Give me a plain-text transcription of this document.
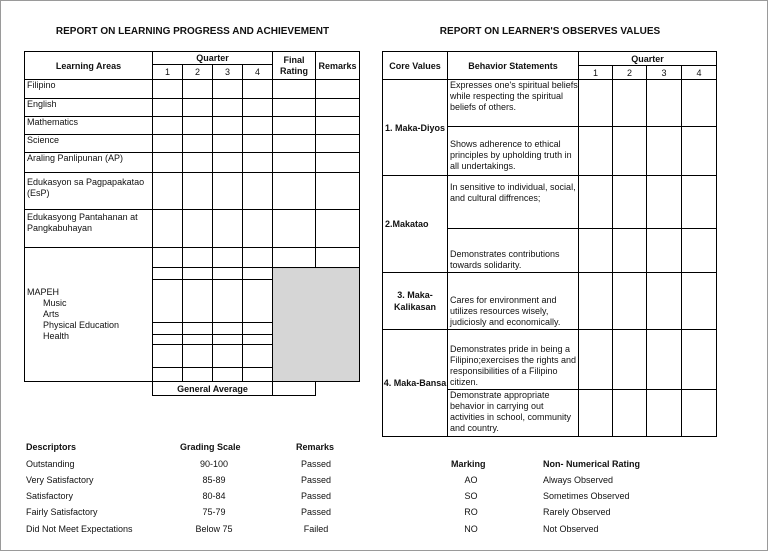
REPORT ON LEARNING PROGRESS AND ACHIEVEMENT	REPORT ON LEARNER'S OBSERVES VALUES
Learning Areas	Quarter				Final Rating	Remarks
	1	2	3	4		
Filipino						
English						
Mathematics						
Science						
Araling Panlipunan (AP)						
Edukasyon sa Pagpapakatao (EsP)						
Edukasyong Pantahanan at Pangkabuhayan						
MAPEH
Music
Arts
Physical Education
Health						

	General Average					
Core Values	Behavior Statements	Quarter			
		1	2	3	4
1. Maka-Diyos	Expresses one's spiritual beliefs while respecting the spiritual beliefs of others.				
	Shows adherence to ethical principles by upholding truth in all undertakings.				
2.Makatao	In sensitive to individual, social, and cultural diffrences;				
	Demonstrates contributions towards solidarity.				
3. Maka-Kalikasan	Cares for environment and utilizes resources wisely, judiciosly and economically.				
4. Maka-Bansa	Demonstrates pride in being a Filipino;exercises the rights and responsibilities of a Filipino citizen.				
	Demonstrate appropriate behavior in carrying out activities in school, community and country.				
Descriptors	Grading Scale	Remarks
Outstanding	90-100	Passed
Very Satisfactory	85-89	Passed
Satisfactory	80-84	Passed
Fairly Satisfactory	75-79	Passed
Did Not Meet Expectations	Below 75	Failed
Marking	Non- Numerical Rating
AO	Always Observed
SO	Sometimes Observed
RO	Rarely Observed
NO	Not Observed
